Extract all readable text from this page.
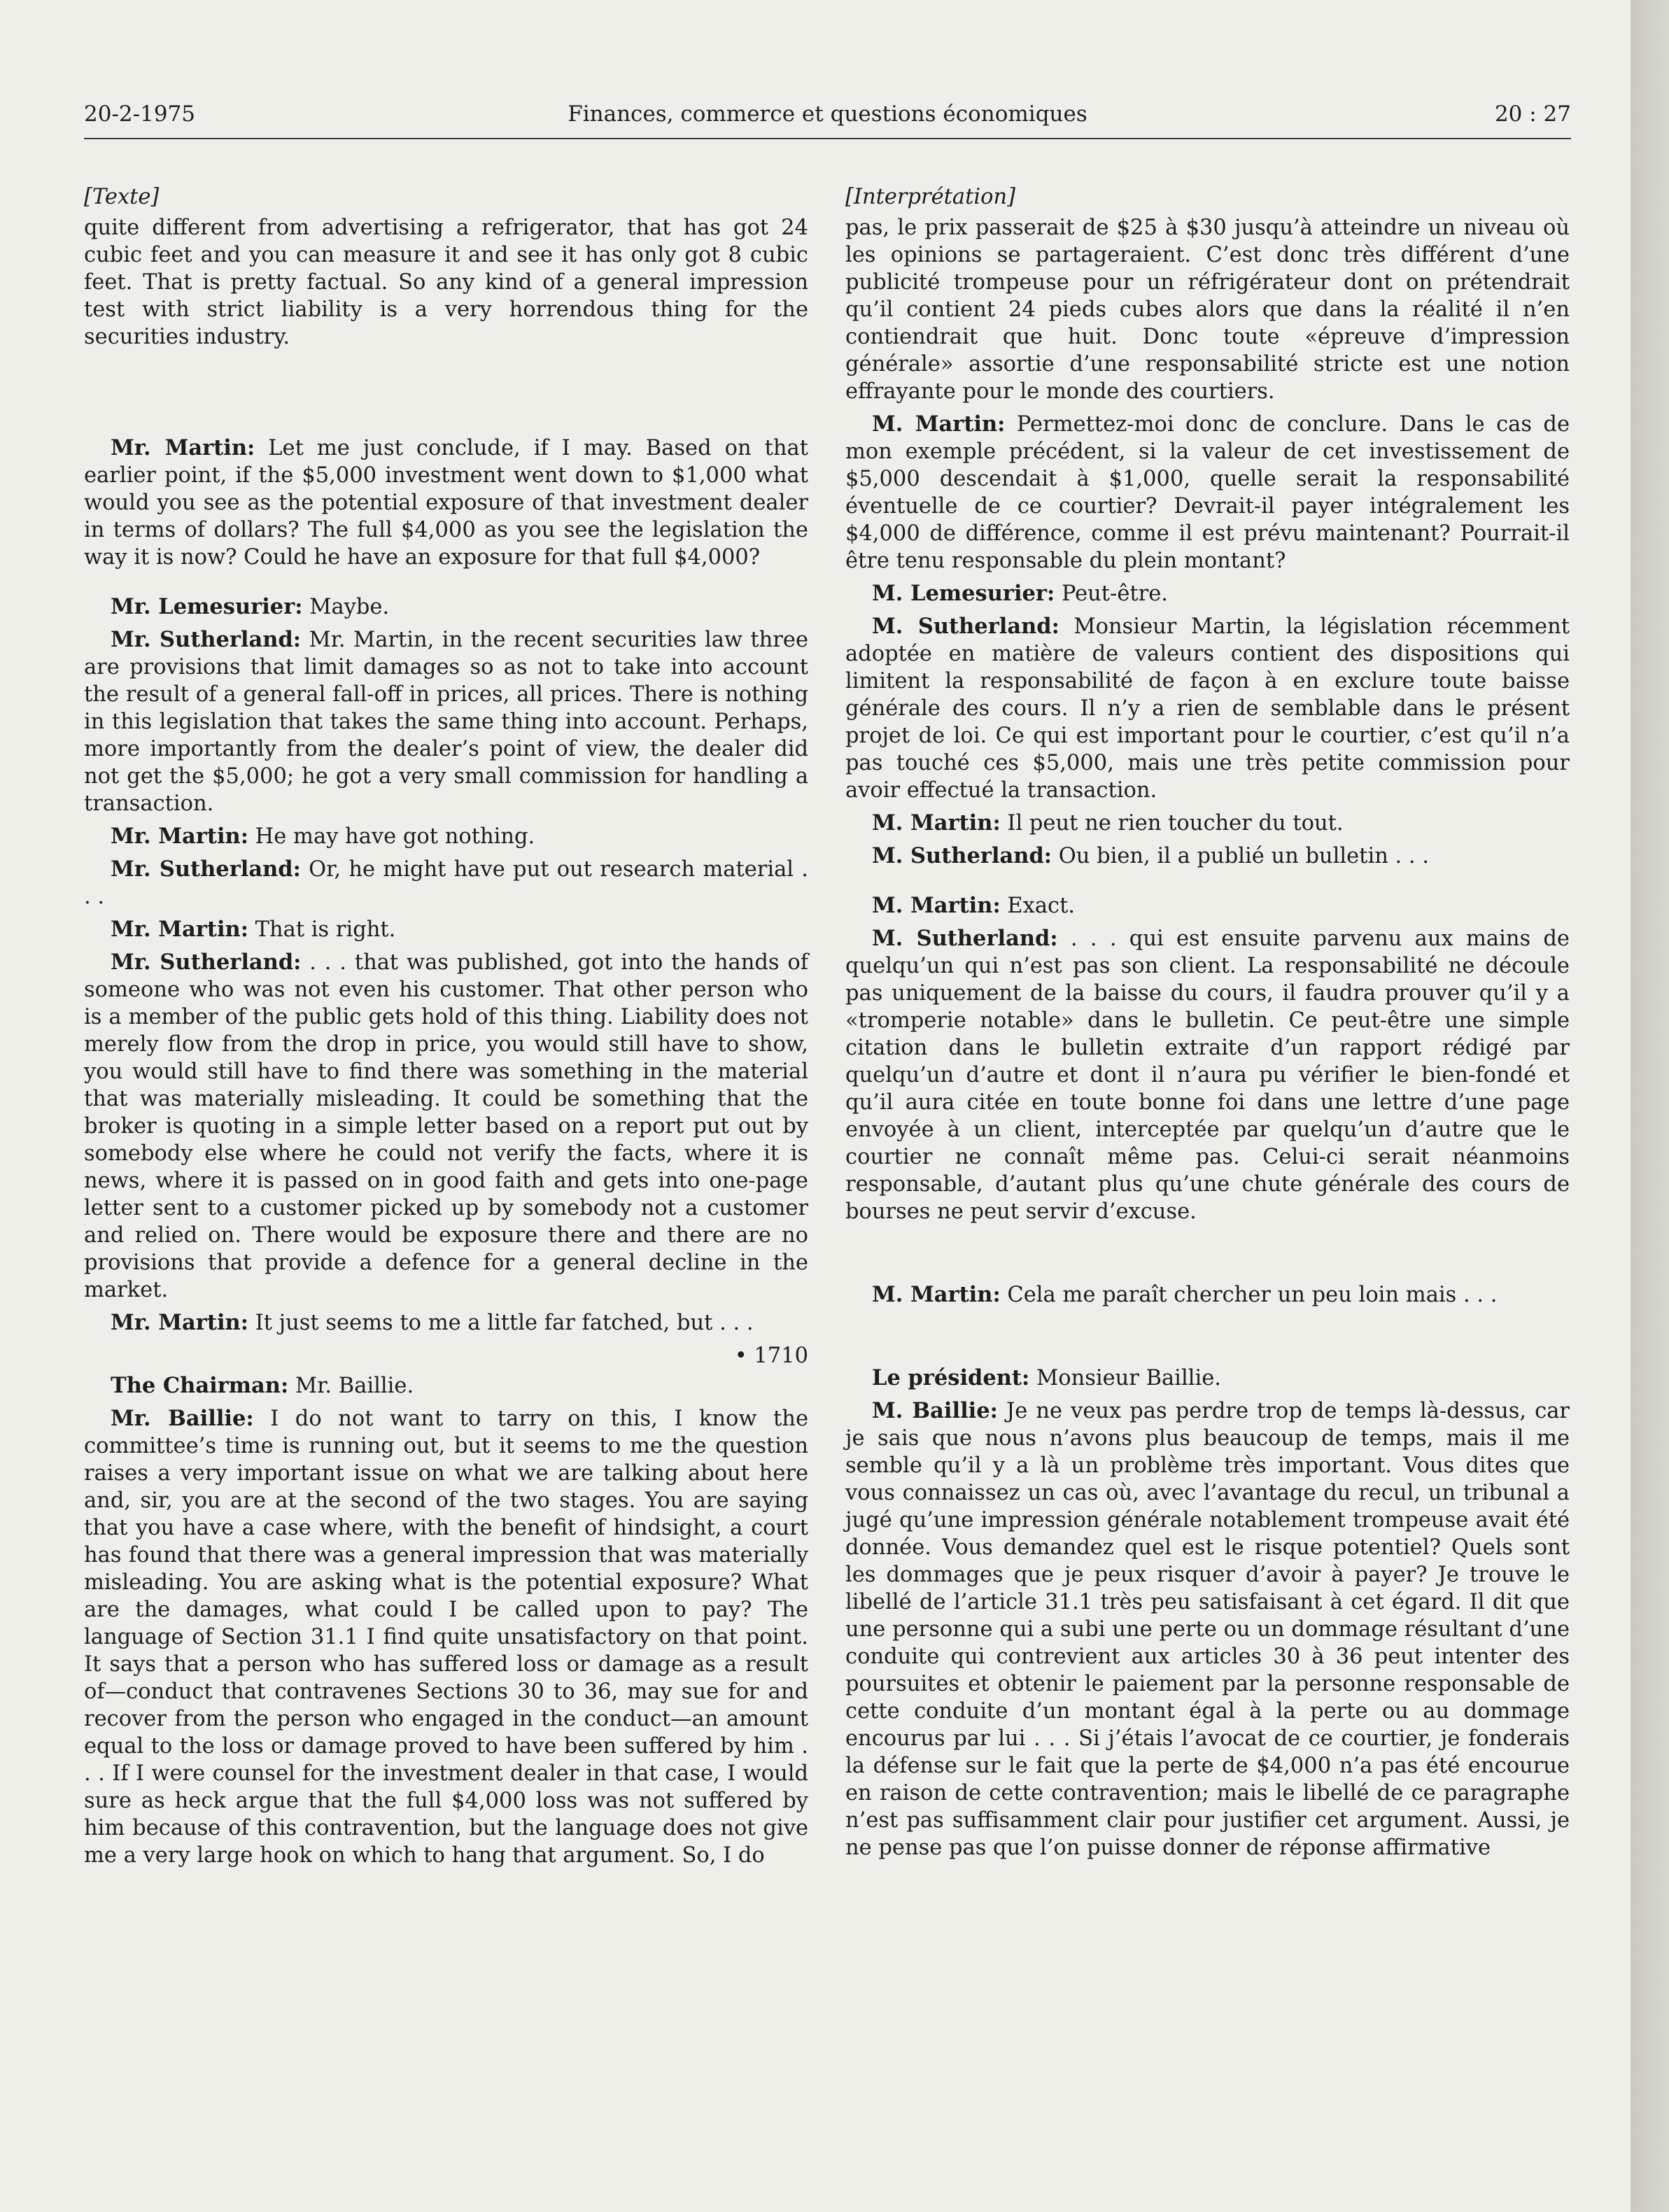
20-2-1975	Finances, commerce et questions économiques	20 : 27
[Texte]

quite different from advertising a refrigerator, that has got 24 cubic feet and you can measure it and see it has only got 8 cubic feet. That is pretty factual. So any kind of a general impression test with strict liability is a very horrendous thing for the securities industry.

Mr. Martin: Let me just conclude, if I may. Based on that earlier point, if the $5,000 investment went down to $1,000 what would you see as the potential exposure of that investment dealer in terms of dollars? The full $4,000 as you see the legislation the way it is now? Could he have an exposure for that full $4,000?

Mr. Lemesurier: Maybe.

Mr. Sutherland: Mr. Martin, in the recent securities law three are provisions that limit damages so as not to take into account the result of a general fall-off in prices, all prices. There is nothing in this legislation that takes the same thing into account. Perhaps, more importantly from the dealer’s point of view, the dealer did not get the $5,000; he got a very small commission for handling a transaction.

Mr. Martin: He may have got nothing.

Mr. Sutherland: Or, he might have put out research material . . .

Mr. Martin: That is right.

Mr. Sutherland: . . . that was published, got into the hands of someone who was not even his customer. That other person who is a member of the public gets hold of this thing. Liability does not merely flow from the drop in price, you would still have to show, you would still have to find there was something in the material that was materially misleading. It could be something that the broker is quoting in a simple letter based on a report put out by somebody else where he could not verify the facts, where it is news, where it is passed on in good faith and gets into one-page letter sent to a customer picked up by somebody not a customer and relied on. There would be exposure there and there are no provisions that provide a defence for a general decline in the market.

Mr. Martin: It just seems to me a little far fatched, but . . .

• 1710

The Chairman: Mr. Baillie.

Mr. Baillie: I do not want to tarry on this, I know the committee’s time is running out, but it seems to me the question raises a very important issue on what we are talking about here and, sir, you are at the second of the two stages. You are saying that you have a case where, with the benefit of hindsight, a court has found that there was a general impression that was materially misleading. You are asking what is the potential exposure? What are the damages, what could I be called upon to pay? The language of Section 31.1 I find quite unsatisfactory on that point. It says that a person who has suffered loss or damage as a result of—conduct that contravenes Sections 30 to 36, may sue for and recover from the person who engaged in the conduct—an amount equal to the loss or damage proved to have been suffered by him . . . If I were counsel for the investment dealer in that case, I would sure as heck argue that the full $4,000 loss was not suffered by him because of this contravention, but the language does not give me a very large hook on which to hang that argument. So, I do

[Interprétation]

pas, le prix passerait de $25 à $30 jusqu’à atteindre un niveau où les opinions se partageraient. C’est donc très différent d’une publicité trompeuse pour un réfrigérateur dont on prétendrait qu’il contient 24 pieds cubes alors que dans la réalité il n’en contiendrait que huit. Donc toute «épreuve d’impression générale» assortie d’une responsabilité stricte est une notion effrayante pour le monde des courtiers.

M. Martin: Permettez-moi donc de conclure. Dans le cas de mon exemple précédent, si la valeur de cet investissement de $5,000 descendait à $1,000, quelle serait la responsabilité éventuelle de ce courtier? Devrait-il payer intégralement les $4,000 de différence, comme il est prévu maintenant? Pourrait-il être tenu responsable du plein montant?

M. Lemesurier: Peut-être.

M. Sutherland: Monsieur Martin, la législation récemment adoptée en matière de valeurs contient des dispositions qui limitent la responsabilité de façon à en exclure toute baisse générale des cours. Il n’y a rien de semblable dans le présent projet de loi. Ce qui est important pour le courtier, c’est qu’il n’a pas touché ces $5,000, mais une très petite commission pour avoir effectué la transaction.

M. Martin: Il peut ne rien toucher du tout.

M. Sutherland: Ou bien, il a publié un bulletin . . .

M. Martin: Exact.

M. Sutherland: . . . qui est ensuite parvenu aux mains de quelqu’un qui n’est pas son client. La responsabilité ne découle pas uniquement de la baisse du cours, il faudra prouver qu’il y a «tromperie notable» dans le bulletin. Ce peut-être une simple citation dans le bulletin extraite d’un rapport rédigé par quelqu’un d’autre et dont il n’aura pu vérifier le bien-fondé et qu’il aura citée en toute bonne foi dans une lettre d’une page envoyée à un client, interceptée par quelqu’un d’autre que le courtier ne connaît même pas. Celui-ci serait néanmoins responsable, d’autant plus qu’une chute générale des cours de bourses ne peut servir d’excuse.

M. Martin: Cela me paraît chercher un peu loin mais . . .

Le président: Monsieur Baillie.

M. Baillie: Je ne veux pas perdre trop de temps là-dessus, car je sais que nous n’avons plus beaucoup de temps, mais il me semble qu’il y a là un problème très important. Vous dites que vous connaissez un cas où, avec l’avantage du recul, un tribunal a jugé qu’une impression générale notablement trompeuse avait été donnée. Vous demandez quel est le risque potentiel? Quels sont les dommages que je peux risquer d’avoir à payer? Je trouve le libellé de l’article 31.1 très peu satisfaisant à cet égard. Il dit que une personne qui a subi une perte ou un dommage résultant d’une conduite qui contrevient aux articles 30 à 36 peut intenter des poursuites et obtenir le paiement par la personne responsable de cette conduite d’un montant égal à la perte ou au dommage encourus par lui . . . Si j’étais l’avocat de ce courtier, je fonderais la défense sur le fait que la perte de $4,000 n’a pas été encourue en raison de cette contravention; mais le libellé de ce paragraphe n’est pas suffisamment clair pour justifier cet argument. Aussi, je ne pense pas que l’on puisse donner de réponse affirmative
